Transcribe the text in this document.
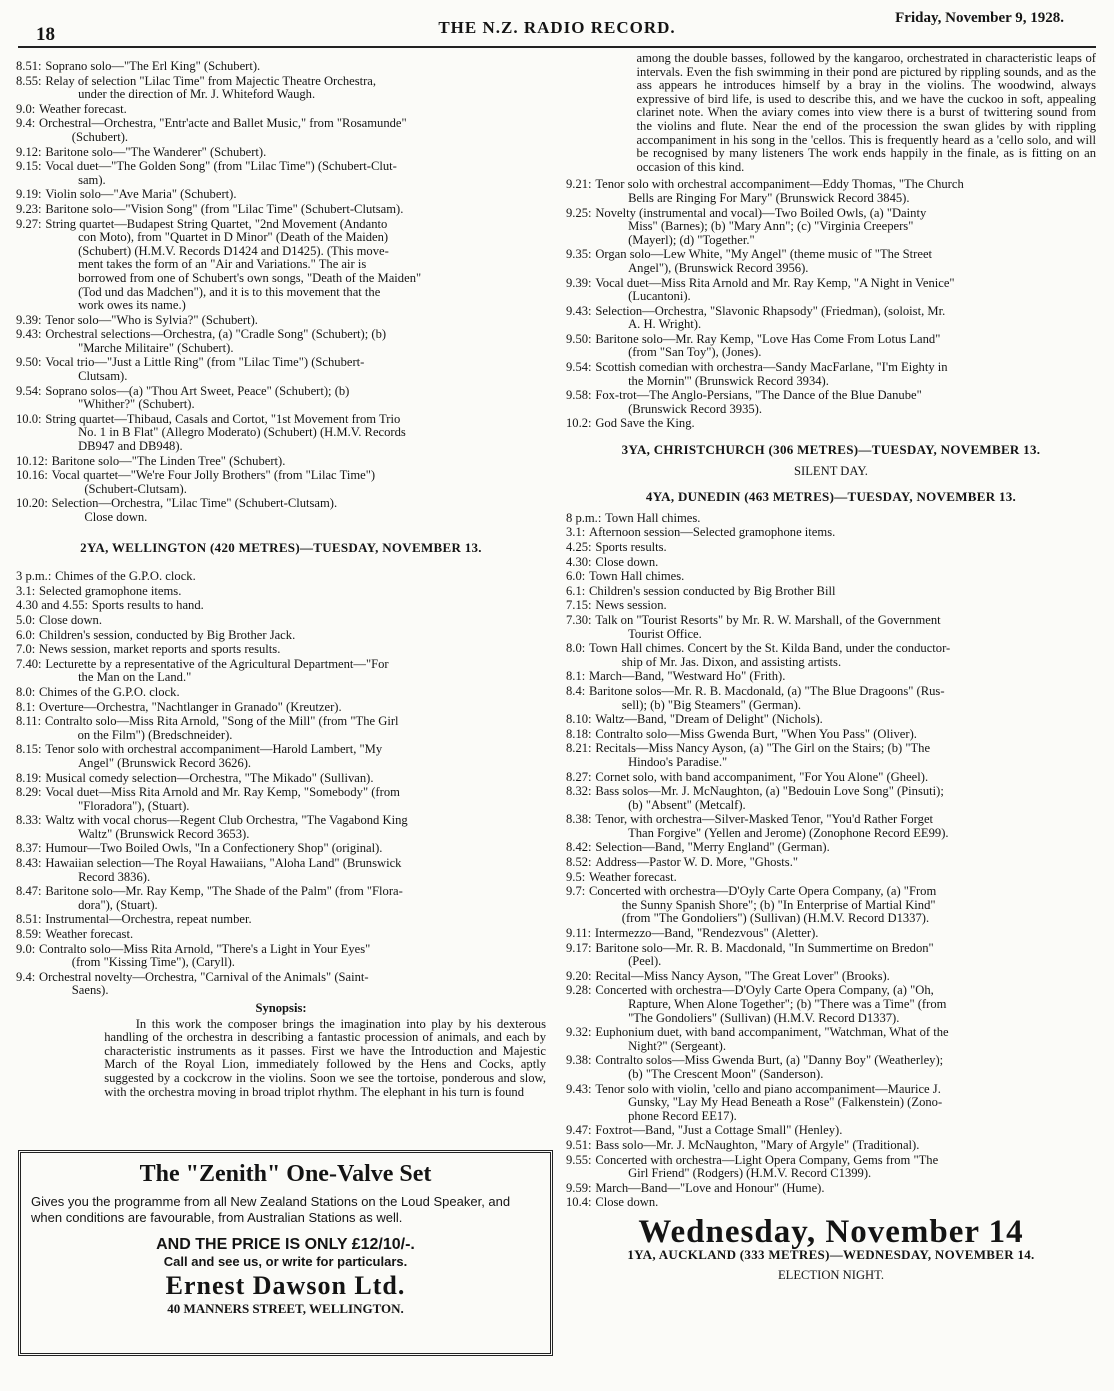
18	THE N.Z. RADIO RECORD.	Friday, November 9, 1928.
8.51: Soprano solo—"The Erl King" (Schubert).
8.55: Relay of selection "Lilac Time" from Majectic Theatre Orchestra,
under the direction of Mr. J. Whiteford Waugh.
9.0: Weather forecast.
9.4: Orchestral—Orchestra, "Entr'acte and Ballet Music," from "Rosamunde"
(Schubert).
9.12: Baritone solo—"The Wanderer" (Schubert).
9.15: Vocal duet—"The Golden Song" (from "Lilac Time") (Schubert-Clut-
sam).
9.19: Violin solo—"Ave Maria" (Schubert).
9.23: Baritone solo—"Vision Song" (from "Lilac Time" (Schubert-Clutsam).
9.27: String quartet—Budapest String Quartet, "2nd Movement (Andanto
con Moto), from "Quartet in D Minor" (Death of the Maiden)
(Schubert) (H.M.V. Records D1424 and D1425). (This move-
ment takes the form of an "Air and Variations." The air is
borrowed from one of Schubert's own songs, "Death of the Maiden"
(Tod und das Madchen"), and it is to this movement that the
work owes its name.)
9.39: Tenor solo—"Who is Sylvia?" (Schubert).
9.43: Orchestral selections—Orchestra, (a) "Cradle Song" (Schubert); (b)
"Marche Militaire" (Schubert).
9.50: Vocal trio—"Just a Little Ring" (from "Lilac Time") (Schubert-
Clutsam).
9.54: Soprano solos—(a) "Thou Art Sweet, Peace" (Schubert); (b)
"Whither?" (Schubert).
10.0: String quartet—Thibaud, Casals and Cortot, "1st Movement from Trio
No. 1 in B Flat" (Allegro Moderato) (Schubert) (H.M.V. Records
DB947 and DB948).
10.12: Baritone solo—"The Linden Tree" (Schubert).
10.16: Vocal quartet—"We're Four Jolly Brothers" (from "Lilac Time")
(Schubert-Clutsam).
10.20: Selection—Orchestra, "Lilac Time" (Schubert-Clutsam).
Close down.
2YA, WELLINGTON (420 METRES)—TUESDAY, NOVEMBER 13.
3 p.m.: Chimes of the G.P.O. clock.
3.1: Selected gramophone items.
4.30 and 4.55: Sports results to hand.
5.0: Close down.
6.0: Children's session, conducted by Big Brother Jack.
7.0: News session, market reports and sports results.
7.40: Lecturette by a representative of the Agricultural Department—"For
the Man on the Land."
8.0: Chimes of the G.P.O. clock.
8.1: Overture—Orchestra, "Nachtlanger in Granado" (Kreutzer).
8.11: Contralto solo—Miss Rita Arnold, "Song of the Mill" (from "The Girl
on the Film") (Bredschneider).
8.15: Tenor solo with orchestral accompaniment—Harold Lambert, "My
Angel" (Brunswick Record 3626).
8.19: Musical comedy selection—Orchestra, "The Mikado" (Sullivan).
8.29: Vocal duet—Miss Rita Arnold and Mr. Ray Kemp, "Somebody" (from
"Floradora"), (Stuart).
8.33: Waltz with vocal chorus—Regent Club Orchestra, "The Vagabond King
Waltz" (Brunswick Record 3653).
8.37: Humour—Two Boiled Owls, "In a Confectionery Shop" (original).
8.43: Hawaiian selection—The Royal Hawaiians, "Aloha Land" (Brunswick
Record 3836).
8.47: Baritone solo—Mr. Ray Kemp, "The Shade of the Palm" (from "Flora-
dora"), (Stuart).
8.51: Instrumental—Orchestra, repeat number.
8.59: Weather forecast.
9.0: Contralto solo—Miss Rita Arnold, "There's a Light in Your Eyes"
(from "Kissing Time"), (Caryll).
9.4: Orchestral novelty—Orchestra, "Carnival of the Animals" (Saint-
Saens).
Synopsis:
In this work the composer brings the imagination into play by his dexterous handling of the orchestra in describing a fantastic procession of animals, and each by characteristic instruments as it passes. First we have the Introduction and Majestic March of the Royal Lion, immediately followed by the Hens and Cocks, aptly suggested by a cockcrow in the violins. Soon we see the tortoise, ponderous and slow, with the orchestra moving in broad triplot rhythm. The elephant in his turn is found
The "Zenith" One-Valve Set
Gives you the programme from all New Zealand Stations on the Loud Speaker, and when conditions are favourable, from Australian Stations as well.
AND THE PRICE IS ONLY £12/10/-.
Call and see us, or write for particulars.
Ernest Dawson Ltd.
40 MANNERS STREET, WELLINGTON.
among the double basses, followed by the kangaroo, orchestrated in characteristic leaps of intervals. Even the fish swimming in their pond are pictured by rippling sounds, and as the ass appears he introduces himself by a bray in the violins. The woodwind, always expressive of bird life, is used to describe this, and we have the cuckoo in soft, appealing clarinet note. When the aviary comes into view there is a burst of twittering sound from the violins and flute. Near the end of the procession the swan glides by with rippling accompaniment in his song in the 'cellos. This is frequently heard as a 'cello solo, and will be recognised by many listeners The work ends happily in the finale, as is fitting on an occasion of this kind.
9.21: Tenor solo with orchestral accompaniment—Eddy Thomas, "The Church
Bells are Ringing For Mary" (Brunswick Record 3845).
9.25: Novelty (instrumental and vocal)—Two Boiled Owls, (a) "Dainty
Miss" (Barnes); (b) "Mary Ann"; (c) "Virginia Creepers"
(Mayerl); (d) "Together."
9.35: Organ solo—Lew White, "My Angel" (theme music of "The Street
Angel"), (Brunswick Record 3956).
9.39: Vocal duet—Miss Rita Arnold and Mr. Ray Kemp, "A Night in Venice"
(Lucantoni).
9.43: Selection—Orchestra, "Slavonic Rhapsody" (Friedman), (soloist, Mr.
A. H. Wright).
9.50: Baritone solo—Mr. Ray Kemp, "Love Has Come From Lotus Land"
(from "San Toy"), (Jones).
9.54: Scottish comedian with orchestra—Sandy MacFarlane, "I'm Eighty in
the Mornin'" (Brunswick Record 3934).
9.58: Fox-trot—The Anglo-Persians, "The Dance of the Blue Danube"
(Brunswick Record 3935).
10.2: God Save the King.
3YA, CHRISTCHURCH (306 METRES)—TUESDAY, NOVEMBER 13.
SILENT DAY.
4YA, DUNEDIN (463 METRES)—TUESDAY, NOVEMBER 13.
8 p.m.: Town Hall chimes.
3.1: Afternoon session—Selected gramophone items.
4.25: Sports results.
4.30: Close down.
6.0: Town Hall chimes.
6.1: Children's session conducted by Big Brother Bill
7.15: News session.
7.30: Talk on "Tourist Resorts" by Mr. R. W. Marshall, of the Government
Tourist Office.
8.0: Town Hall chimes. Concert by the St. Kilda Band, under the conductor-
ship of Mr. Jas. Dixon, and assisting artists.
8.1: March—Band, "Westward Ho" (Frith).
8.4: Baritone solos—Mr. R. B. Macdonald, (a) "The Blue Dragoons" (Rus-
sell); (b) "Big Steamers" (German).
8.10: Waltz—Band, "Dream of Delight" (Nichols).
8.18: Contralto solo—Miss Gwenda Burt, "When You Pass" (Oliver).
8.21: Recitals—Miss Nancy Ayson, (a) "The Girl on the Stairs; (b) "The
Hindoo's Paradise."
8.27: Cornet solo, with band accompaniment, "For You Alone" (Gheel).
8.32: Bass solos—Mr. J. McNaughton, (a) "Bedouin Love Song" (Pinsuti);
(b) "Absent" (Metcalf).
8.38: Tenor, with orchestra—Silver-Masked Tenor, "You'd Rather Forget
Than Forgive" (Yellen and Jerome) (Zonophone Record EE99).
8.42: Selection—Band, "Merry England" (German).
8.52: Address—Pastor W. D. More, "Ghosts."
9.5: Weather forecast.
9.7: Concerted with orchestra—D'Oyly Carte Opera Company, (a) "From
the Sunny Spanish Shore"; (b) "In Enterprise of Martial Kind"
(from "The Gondoliers") (Sullivan) (H.M.V. Record D1337).
9.11: Intermezzo—Band, "Rendezvous" (Aletter).
9.17: Baritone solo—Mr. R. B. Macdonald, "In Summertime on Bredon"
(Peel).
9.20: Recital—Miss Nancy Ayson, "The Great Lover" (Brooks).
9.28: Concerted with orchestra—D'Oyly Carte Opera Company, (a) "Oh,
Rapture, When Alone Together"; (b) "There was a Time" (from
"The Gondoliers" (Sullivan) (H.M.V. Record D1337).
9.32: Euphonium duet, with band accompaniment, "Watchman, What of the
Night?" (Sergeant).
9.38: Contralto solos—Miss Gwenda Burt, (a) "Danny Boy" (Weatherley);
(b) "The Crescent Moon" (Sanderson).
9.43: Tenor solo with violin, 'cello and piano accompaniment—Maurice J.
Gunsky, "Lay My Head Beneath a Rose" (Falkenstein) (Zono-
phone Record EE17).
9.47: Foxtrot—Band, "Just a Cottage Small" (Henley).
9.51: Bass solo—Mr. J. McNaughton, "Mary of Argyle" (Traditional).
9.55: Concerted with orchestra—Light Opera Company, Gems from "The
Girl Friend" (Rodgers) (H.M.V. Record C1399).
9.59: March—Band—"Love and Honour" (Hume).
10.4: Close down.
Wednesday, November 14
1YA, AUCKLAND (333 METRES)—WEDNESDAY, NOVEMBER 14.
ELECTION NIGHT.
